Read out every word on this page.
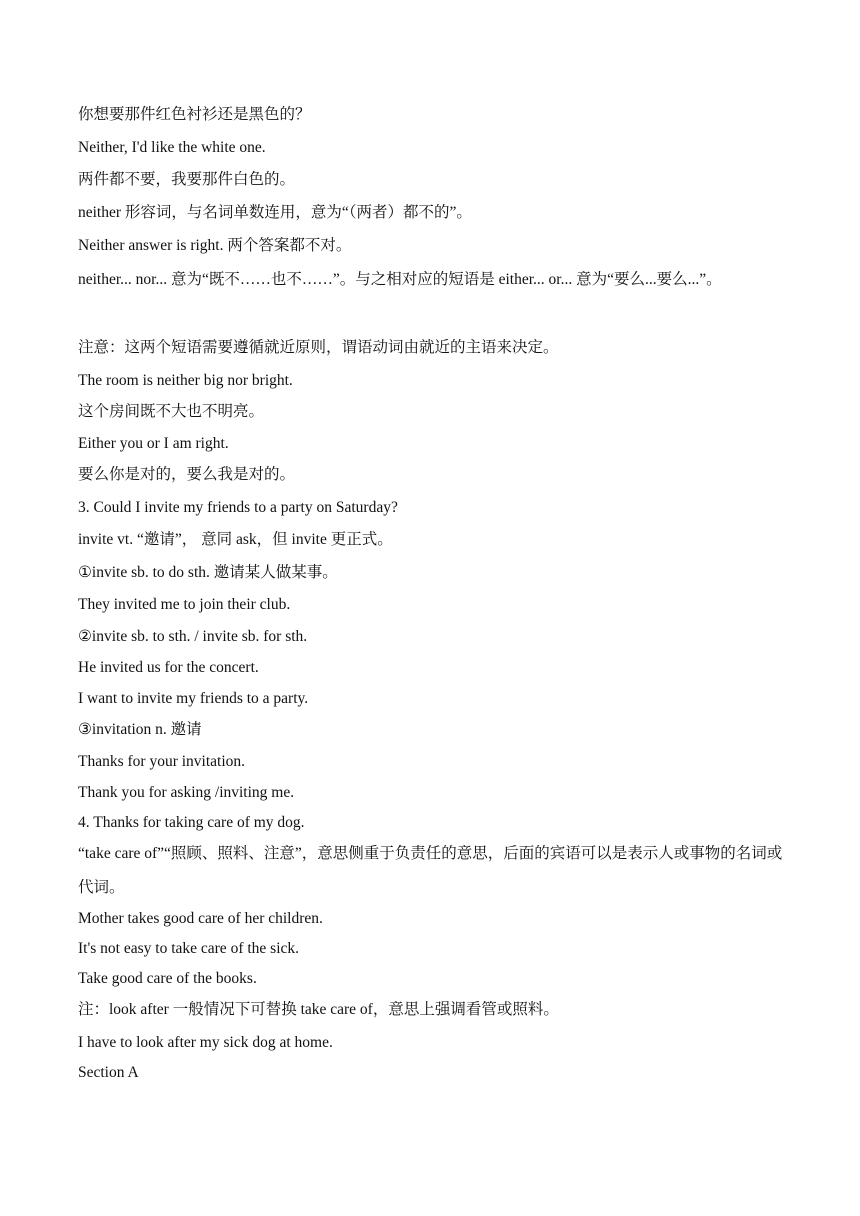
你想要那件红色衬衫还是黑色的？
Neither, I'd like the white one.
两件都不要，我要那件白色的。
neither 形容词，与名词单数连用，意为“（两者）都不的”。
Neither answer is right. 两个答案都不对。
neither... nor... 意为“既不……也不……”。与之相对应的短语是 either... or... 意为“要么...要么...”。
注意：这两个短语需要遵循就近原则，谓语动词由就近的主语来决定。
The room is neither big nor bright.
这个房间既不大也不明亮。
Either you or I am right.
要么你是对的，要么我是对的。
3. Could I invite my friends to a party on Saturday?
invite vt. “邀请”， 意同 ask，但 invite 更正式。
①invite sb. to do sth. 邀请某人做某事。
They invited me to join their club.
②invite sb. to sth. / invite sb. for sth.
He invited us for the concert.
I want to invite my friends to a party.
③invitation n. 邀请
Thanks for your invitation.
Thank you for asking /inviting me.
4. Thanks for taking care of my dog.
“take care of”“照顾、照料、注意”，意思侧重于负责任的意思，后面的宾语可以是表示人或事物的名词或代词。
Mother takes good care of her children.
It's not easy to take care of the sick.
Take good care of the books.
注：look after 一般情况下可替换 take care of，意思上强调看管或照料。
I have to look after my sick dog at home.
Section A
